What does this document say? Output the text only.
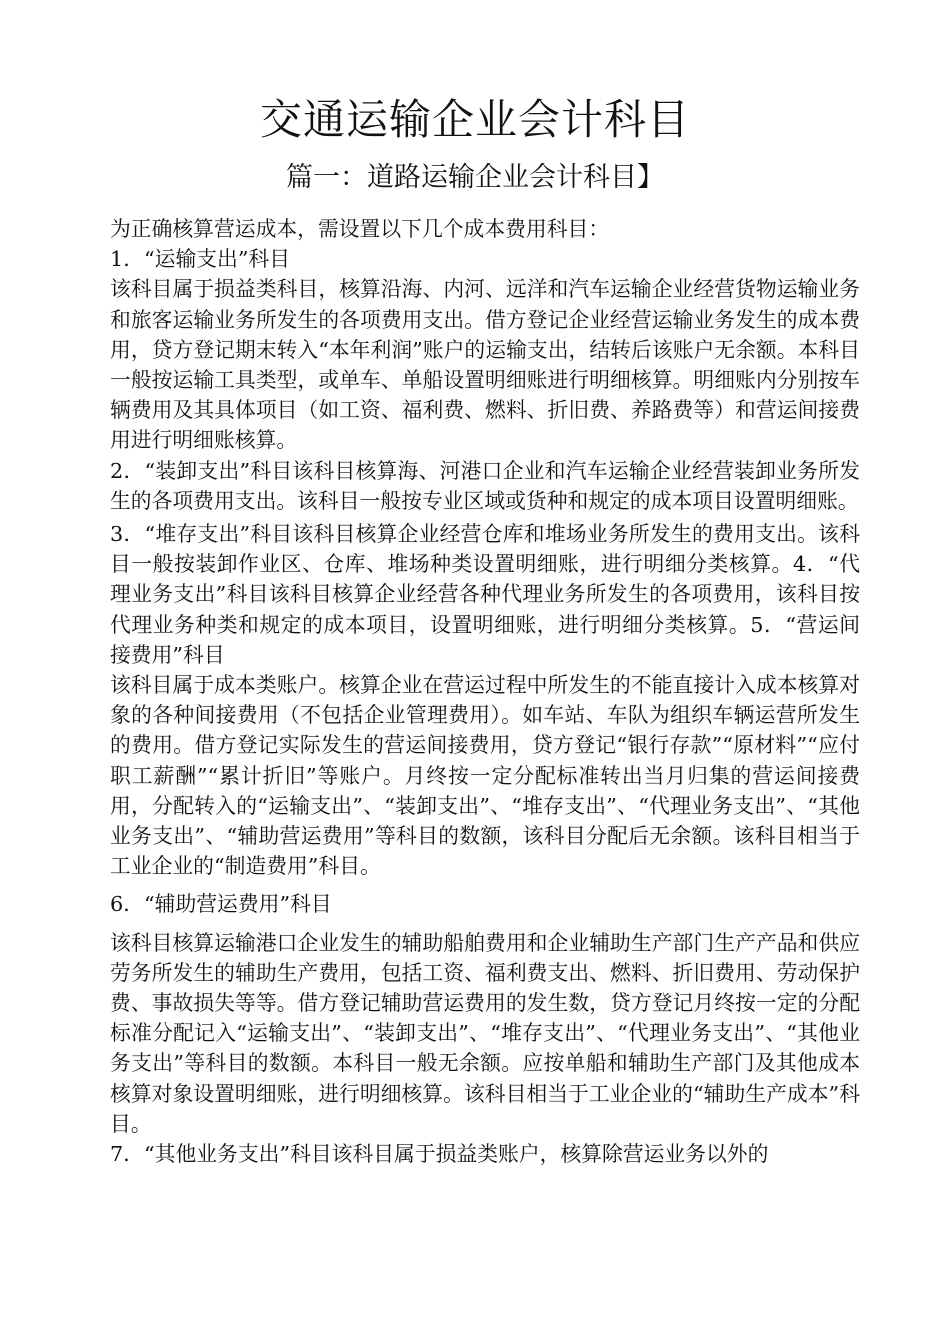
交通运输企业会计科目
篇一：道路运输企业会计科目】

为正确核算营运成本，需设置以下几个成本费用科目：

1．“运输支出”科目

该科目属于损益类科目，核算沿海、内河、远洋和汽车运输企业经营货物运输业务和旅客运输业务所发生的各项费用支出。借方登记企业经营运输业务发生的成本费用，贷方登记期末转入“本年利润”账户的运输支出，结转后该账户无余额。本科目一般按运输工具类型，或单车、单船设置明细账进行明细核算。明细账内分别按车辆费用及其具体项目（如工资、福利费、燃料、折旧费、养路费等）和营运间接费用进行明细账核算。

2．“装卸支出”科目该科目核算海、河港口企业和汽车运输企业经营装卸业务所发生的各项费用支出。该科目一般按专业区域或货种和规定的成本项目设置明细账。

3．“堆存支出”科目该科目核算企业经营仓库和堆场业务所发生的费用支出。该科目一般按装卸作业区、仓库、堆场种类设置明细账，进行明细分类核算。4．“代理业务支出”科目该科目核算企业经营各种代理业务所发生的各项费用，该科目按代理业务种类和规定的成本项目，设置明细账，进行明细分类核算。5．“营运间接费用”科目

该科目属于成本类账户。核算企业在营运过程中所发生的不能直接计入成本核算对象的各种间接费用（不包括企业管理费用）。如车站、车队为组织车辆运营所发生的费用。借方登记实际发生的营运间接费用，贷方登记“银行存款”“原材料”“应付职工薪酬”“累计折旧”等账户。月终按一定分配标准转出当月归集的营运间接费用，分配转入的“运输支出”、“装卸支出”、“堆存支出”、“代理业务支出”、“其他业务支出”、“辅助营运费用”等科目的数额，该科目分配后无余额。该科目相当于工业企业的“制造费用”科目。

6．“辅助营运费用”科目

该科目核算运输港口企业发生的辅助船舶费用和企业辅助生产部门生产产品和供应劳务所发生的辅助生产费用，包括工资、福利费支出、燃料、折旧费用、劳动保护费、事故损失等等。借方登记辅助营运费用的发生数，贷方登记月终按一定的分配标准分配记入“运输支出”、“装卸支出”、“堆存支出”、“代理业务支出”、“其他业务支出”等科目的数额。本科目一般无余额。应按单船和辅助生产部门及其他成本核算对象设置明细账，进行明细核算。该科目相当于工业企业的“辅助生产成本”科目。

7．“其他业务支出”科目该科目属于损益类账户，核算除营运业务以外的
